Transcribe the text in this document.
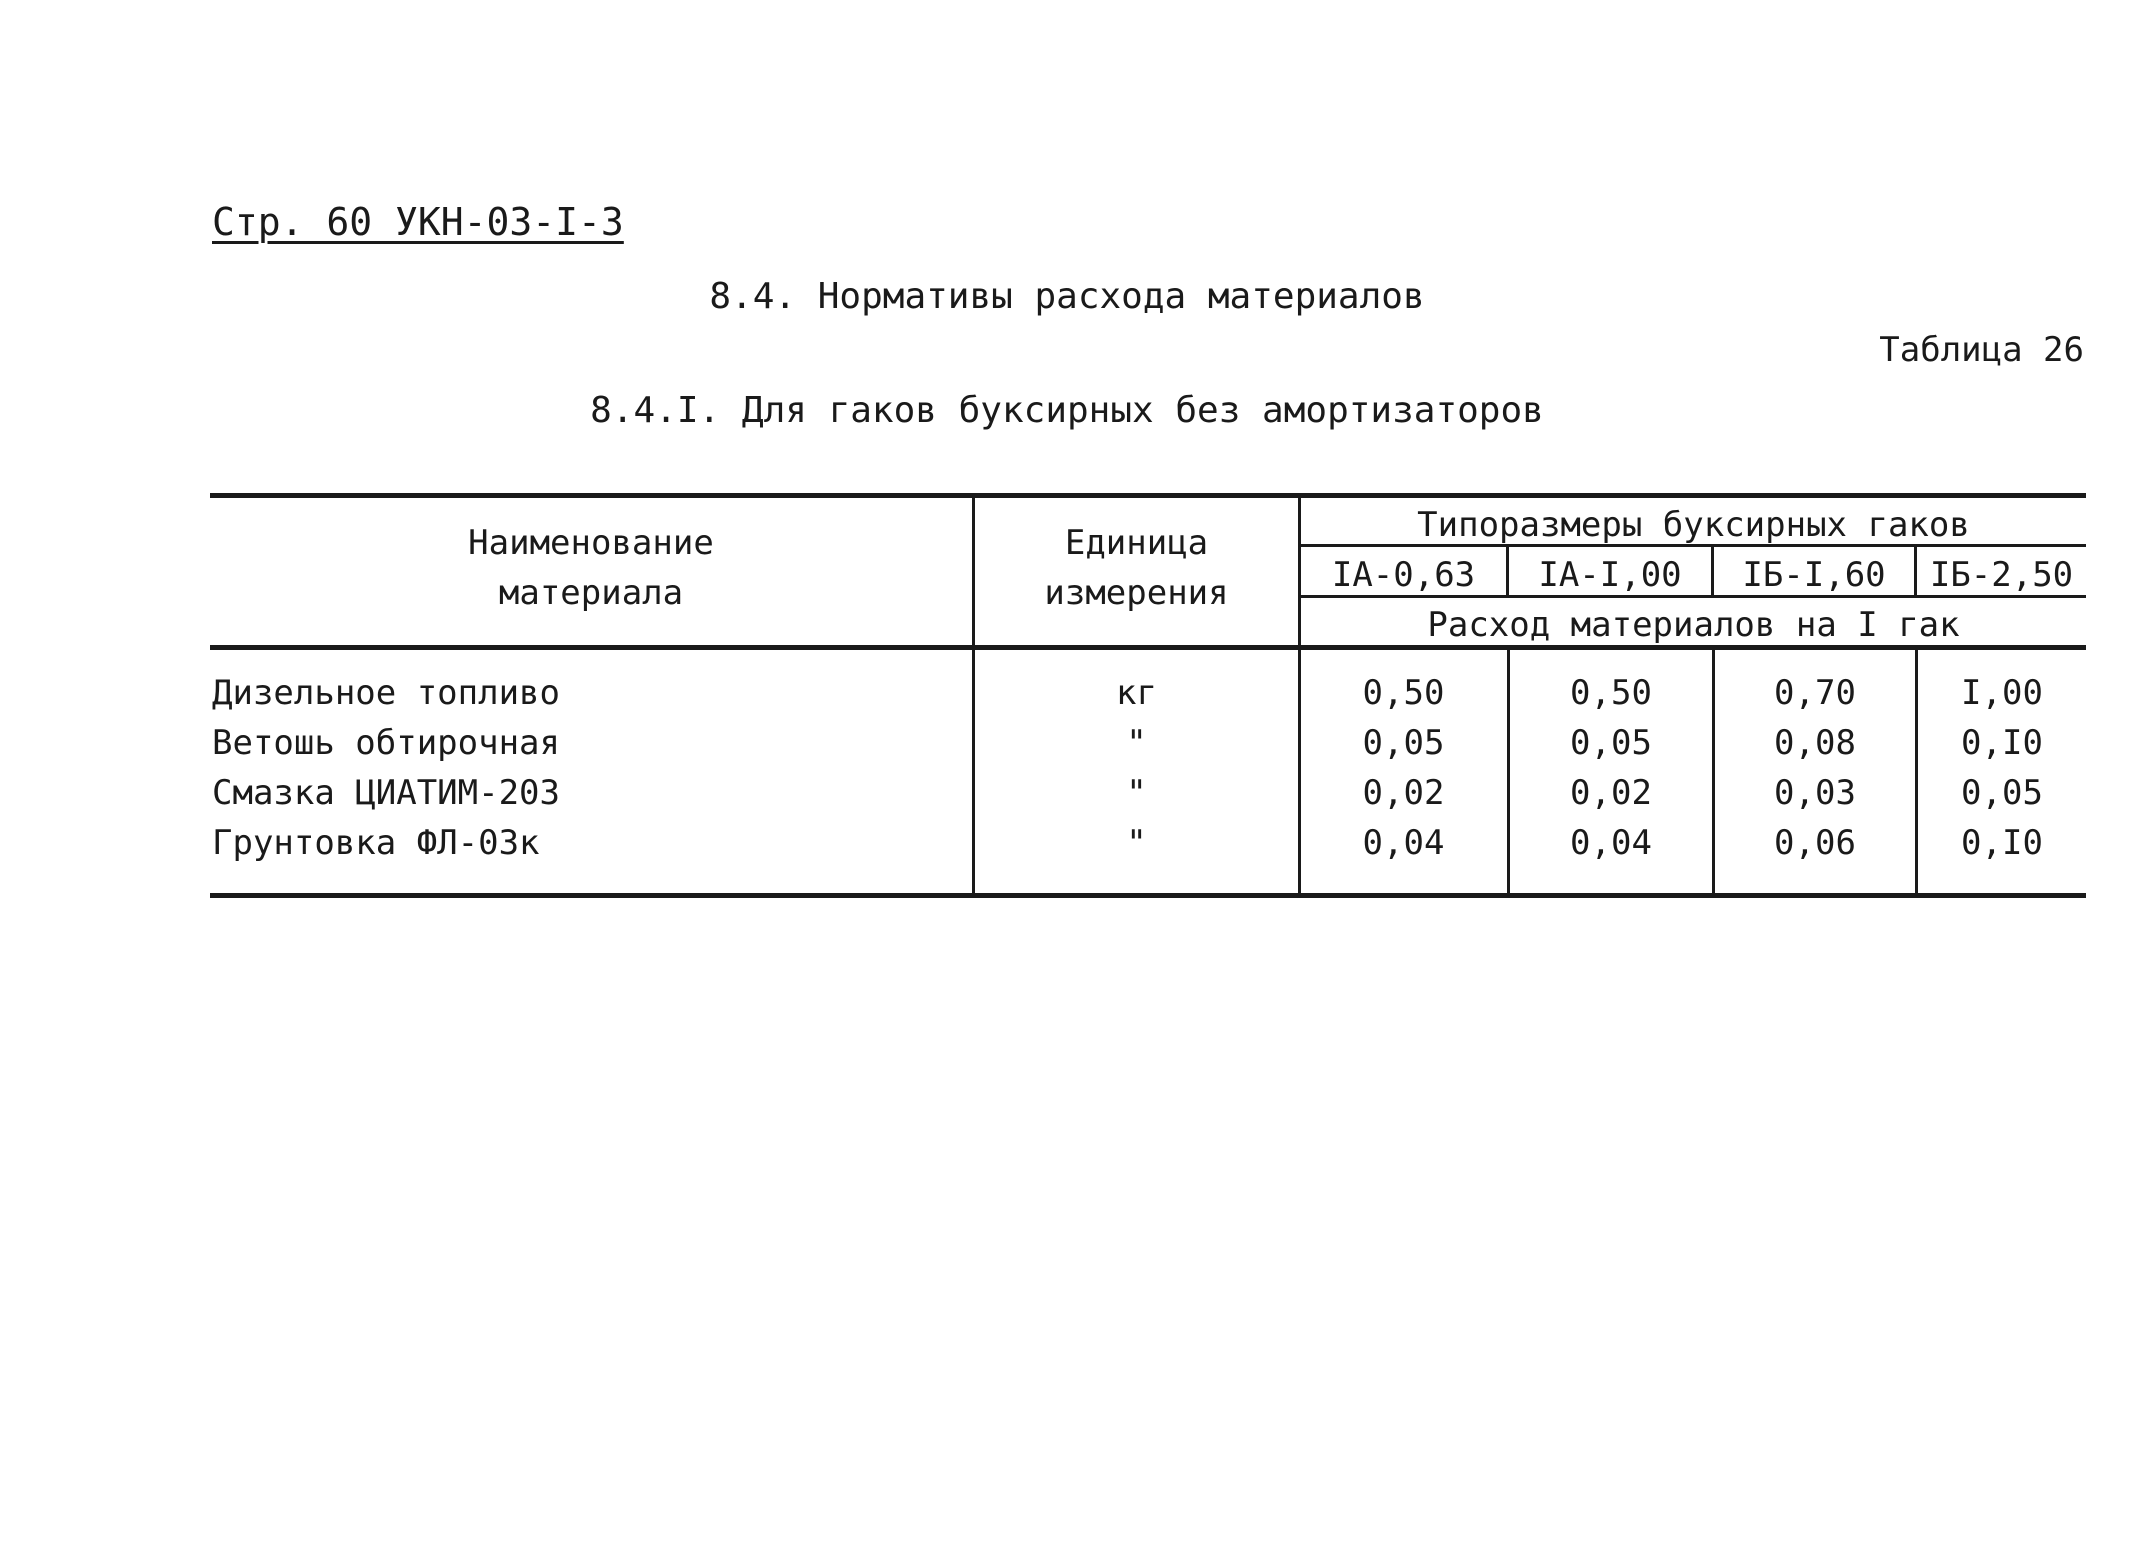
Стр. 60 УКН-03-I-3
8.4. Нормативы расхода материалов
Таблица 26
8.4.I. Для гаков буксирных без амортизаторов
Наименование
материала
Единица
измерения
Типоразмеры буксирных гаков
IА-0,63	IА-I,00	IБ-I,60	IБ-2,50
Расход материалов на I гак
Дизельное топливо	кг	0,50	0,50	0,70	I,00
Ветошь обтирочная	"	0,05	0,05	0,08	0,I0
Смазка ЦИАТИМ-203	"	0,02	0,02	0,03	0,05
Грунтовка ФЛ-03к	"	0,04	0,04	0,06	0,I0
